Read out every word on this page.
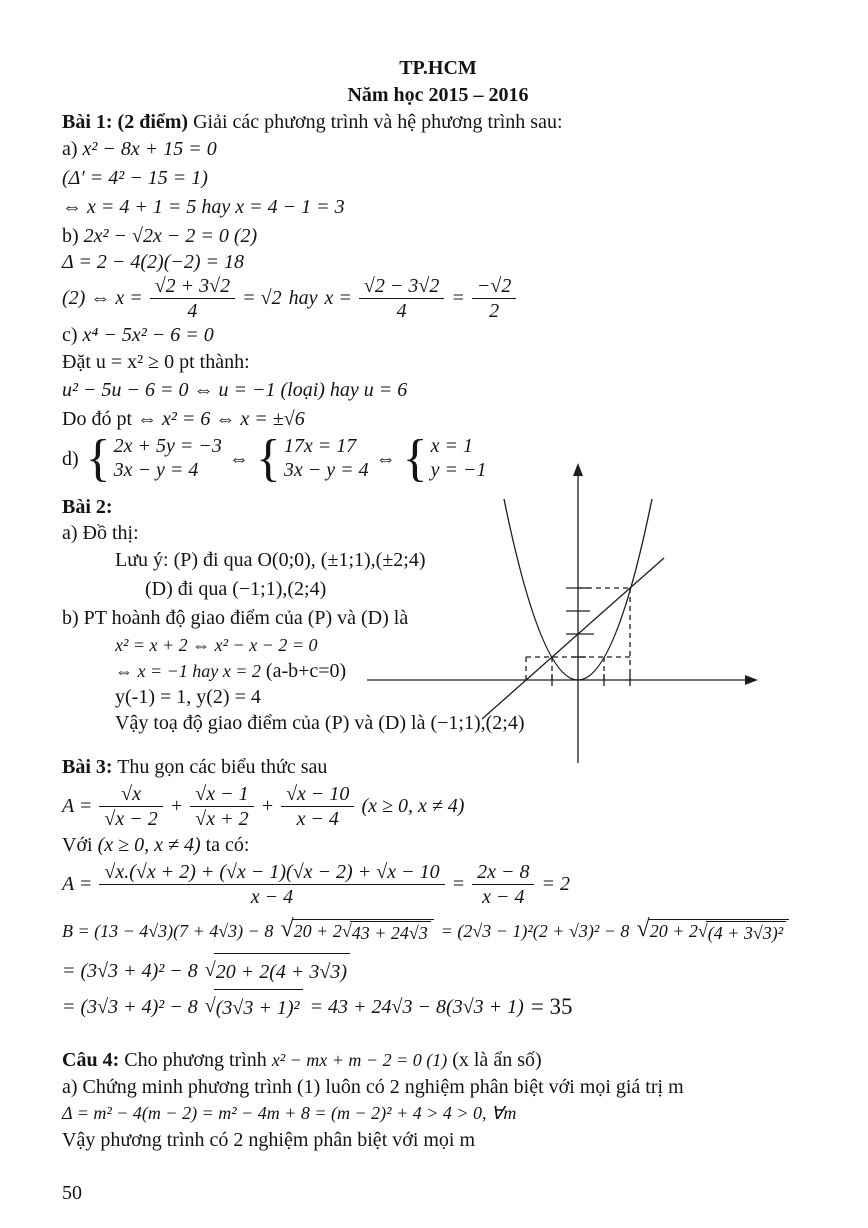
TP.HCM
Năm học 2015 – 2016
Bài 1: (2 điểm) Giải các phương trình và hệ phương trình sau:
a) x² − 8x + 15 = 0
(Δ′ = 4² − 15 = 1)
⇔ x = 4 + 1 = 5 hay x = 4 − 1 = 3
b) 2x² − √2x − 2 = 0 (2)
Δ = 2 − 4(2)(−2) = 18
(2) ⇔ $x = \frac{√2 + 3√2}{4} = √2$ hay $x = \frac{√2 - 3√2}{4} = \frac{-√2}{2}$
c) x⁴ − 5x² − 6 = 0
Đặt u = x² ≥ 0 pt thành:
u² − 5u − 6 = 0 ⇔ u = −1 (loại) hay u = 6
Do đó pt ⇔ x² = 6 ⇔ x = ±√6
d)
{ 2x + 5y = −3
3x − y = 4
⇔
{ 17x = 17
3x − y = 4
⇔
{ x = 1
y = −1
Bài 2:
a) Đồ thị:
Lưu ý: (P) đi qua O(0;0), (±1;1),(±2;4)
(D) đi qua (−1;1),(2;4)
b) PT hoành độ giao điểm của (P) và (D) là
x² = x + 2 ⇔ x² − x − 2 = 0
⇔ x = −1 hay x = 2 (a-b+c=0)
y(-1) = 1, y(2) = 4
Vậy toạ độ giao điểm của (P) và (D) là (−1;1),(2;4)
Bài 3: Thu gọn các biểu thức sau
$A = \frac{√x}{√x - 2} + \frac{√x - 1}{√x + 2} + \frac{√x - 10}{x - 4} (x \ge 0$, x ≠ 4)
Với (x ≥ 0, x ≠ 4) ta có:
$A = \frac{√x.(√x + 2) + (√x - 1)(√x - 2) + √x - 10}{x - 4} = \frac{2x - 8}{x - 4} = 2$
B = (13 − 4√3)(7 + 4√3) − 8 √ 20 + 2 √ 43 + 24√3 = (2√3 − 1)²(2 + √3)² − 8 √ 20 + 2 √ (4 + 3√3)²
= (3√3 + 4)² − 8 √ 20 + 2(4 + 3√3)
= (3√3 + 4)² − 8 √ (3√3 + 1)² = 43 + 24√3 − 8(3√3 + 1) = 35
Câu 4: Cho phương trình x² − mx + m − 2 = 0 (1) (x là ẩn số)
a) Chứng minh phương trình (1) luôn có 2 nghiệm phân biệt với mọi giá trị m
Δ = m² − 4(m − 2) = m² − 4m + 8 = (m − 2)² + 4 > 4 > 0, ∀m
Vậy phương trình có 2 nghiệm phân biệt với mọi m
50
